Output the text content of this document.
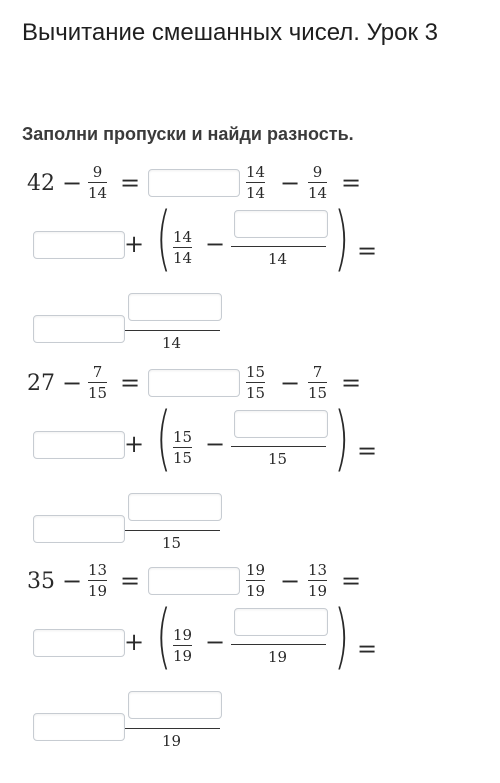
Вычитание смешанных чисел. Урок 3
Заполни пропуски и найди разность.
42 − 9
14 =	14
14 − 9
14 =
+ ( 14
14 −
14 ) =
14
27 − 7
15 =	15
15 − 7
15 =
+ ( 15
15 −
15 ) =
15
35 − 13
19 =	19
19 − 13
19 =
+ ( 19
19 −
19 ) =
19
